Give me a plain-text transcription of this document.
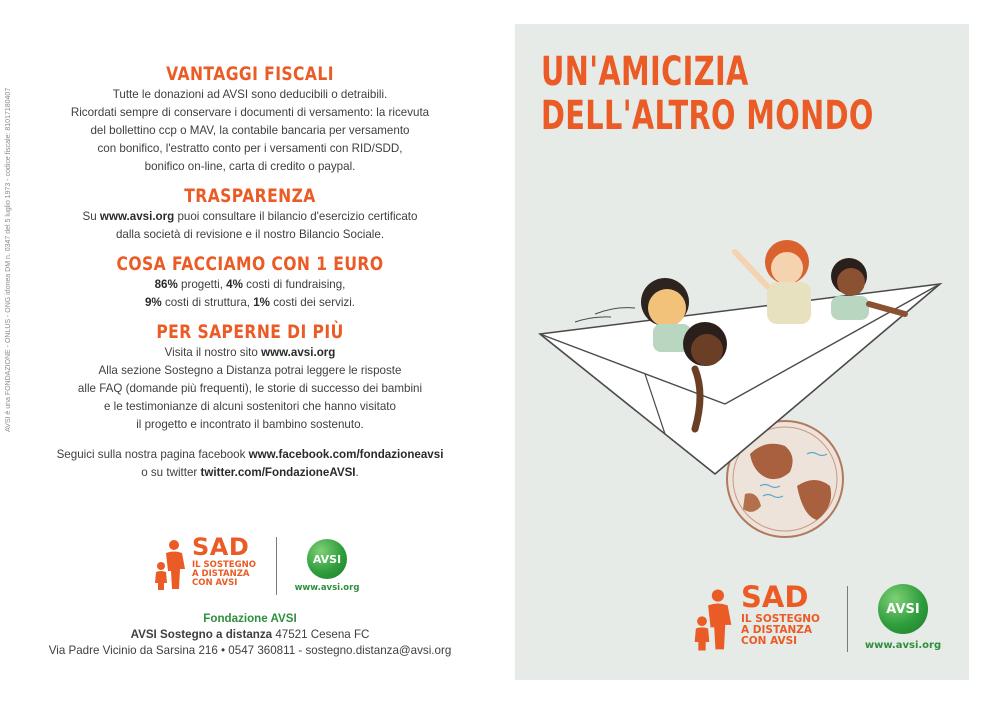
AVSI è una FONDAZIONE - ONLUS - ONG idonea DM n. 0347 del 5 luglio 1973 - codice fiscale: 81017180407
VANTAGGI FISCALI

Tutte le donazioni ad AVSI sono deducibili o detraibili.
Ricordati sempre di conservare i documenti di versamento: la ricevuta
del bollettino ccp o MAV, la contabile bancaria per versamento
con bonifico, l'estratto conto per i versamenti con RID/SDD,
bonifico on-line, carta di credito o paypal.

TRASPARENZA

Su www.avsi.org puoi consultare il bilancio d'esercizio certificato
dalla società di revisione e il nostro Bilancio Sociale.

COSA FACCIAMO CON 1 EURO

86% progetti, 4% costi di fundraising,
9% costi di struttura, 1% costi dei servizi.

PER SAPERNE DI PIÙ

Visita il nostro sito www.avsi.org
Alla sezione Sostegno a Distanza potrai leggere le risposte
alle FAQ (domande più frequenti), le storie di successo dei bambini
e le testimonianze di alcuni sostenitori che hanno visitato
il progetto e incontrato il bambino sostenuto.

Seguici sulla nostra pagina facebook www.facebook.com/fondazioneavsi
o su twitter twitter.com/FondazioneAVSI.

SAD
IL SOSTEGNO
A DISTANZA
CON AVSI
AVSI
www.avsi.org
Fondazione AVSI
AVSI Sostegno a distanza 47521 Cesena FC
Via Padre Vicinio da Sarsina 216 • 0547 360811 - sostegno.distanza@avsi.org
UN'AMICIZIA
DELL'ALTRO MONDO
SAD
IL SOSTEGNO
A DISTANZA
CON AVSI
AVSI
www.avsi.org
